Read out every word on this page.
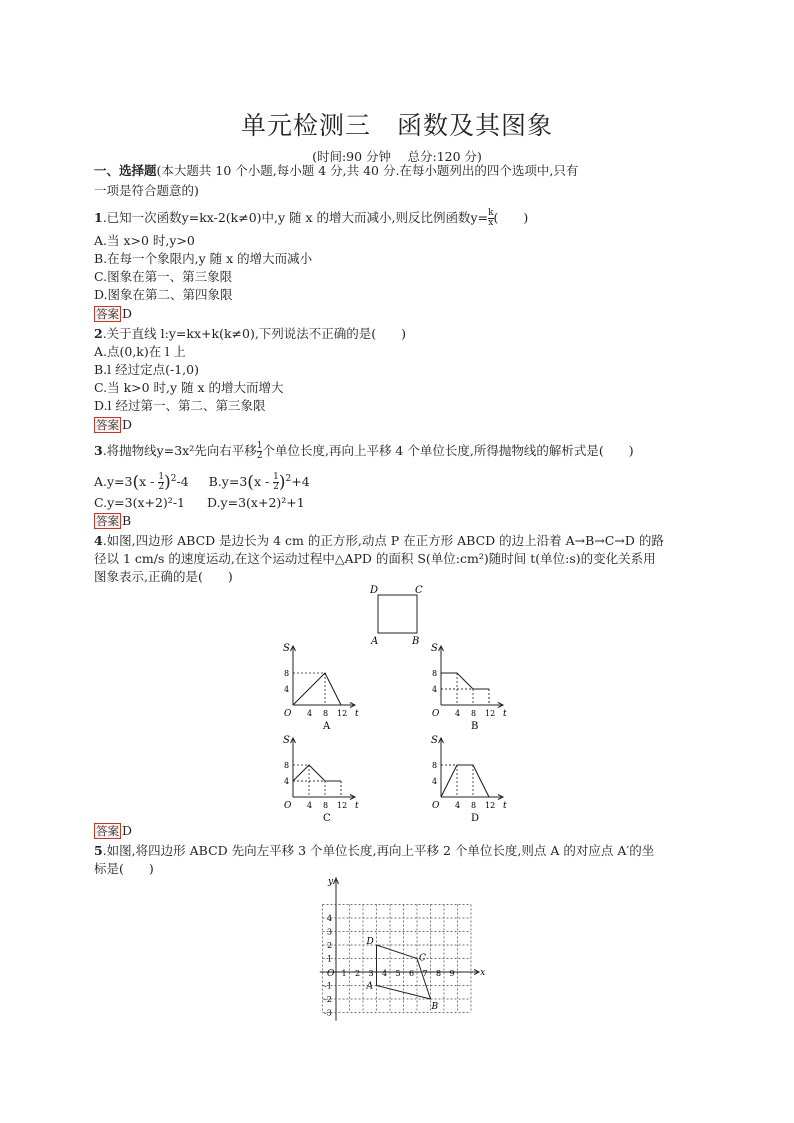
单元检测三　函数及其图象
(时间:90 分钟　 总分:120 分)
一、选择题(本大题共 10 个小题,每小题 4 分,共 40 分.在每小题列出的四个选项中,只有
一项是符合题意的)
1.已知一次函数y=kx-2(k≠0)中,y 随 x 的增大而减小,则反比例函数$y= \frac{k}{x}$ (　　)
A.当 x>0 时,y>0
B.在每一个象限内,y 随 x 的增大而减小
C.图象在第一、第三象限
D.图象在第二、第四象限
答案 D
2.关于直线 l:y=kx+k(k≠0),下列说法不正确的是(　　)
A.点(0,k)在 l 上
B.l 经过定点(-1,0)
C.当 k>0 时,y 随 x 的增大而增大
D.l 经过第一、第二、第三象限
答案 D
3.将抛物线y=3x²先向右平移 $\frac{1}{2}$ 个单位长度,再向上平移 4 个单位长度,所得抛物线的解析式是(　　)
$A.y=3(x - \frac{1}{2} )^2-4$ $B.y=3(x - \frac{1}{2} )^2+4$
C.y=3(x+2)²-1 D.y=3(x+2)²+1
答案 B
4.如图,四边形 ABCD 是边长为 4 cm 的正方形,动点 P 在正方形 ABCD 的边上沿着 A→B→C→D 的路
径以 1 cm/s 的速度运动,在这个运动过程中△APD 的面积 S(单位:cm²)随时间 t(单位:s)的变化关系用
图象表示,正确的是(　　)
D	C
A	B
S
t
O
8
4
4 8 12
A
S
t
O
8
4
4 8 12
B
S
t
O
8
4
4 8 12
C
S
t
O
8
4
4 8 12
D
答案 D
5.如图,将四边形 ABCD 先向左平移 3 个单位长度,再向上平移 2 个单位长度,则点 A 的对应点 A′的坐
标是(　　)
y
x
O 1 2 3 4 5 6 7 8 9
4
3
2
1
-1
-2
-3
A
B
C
D
